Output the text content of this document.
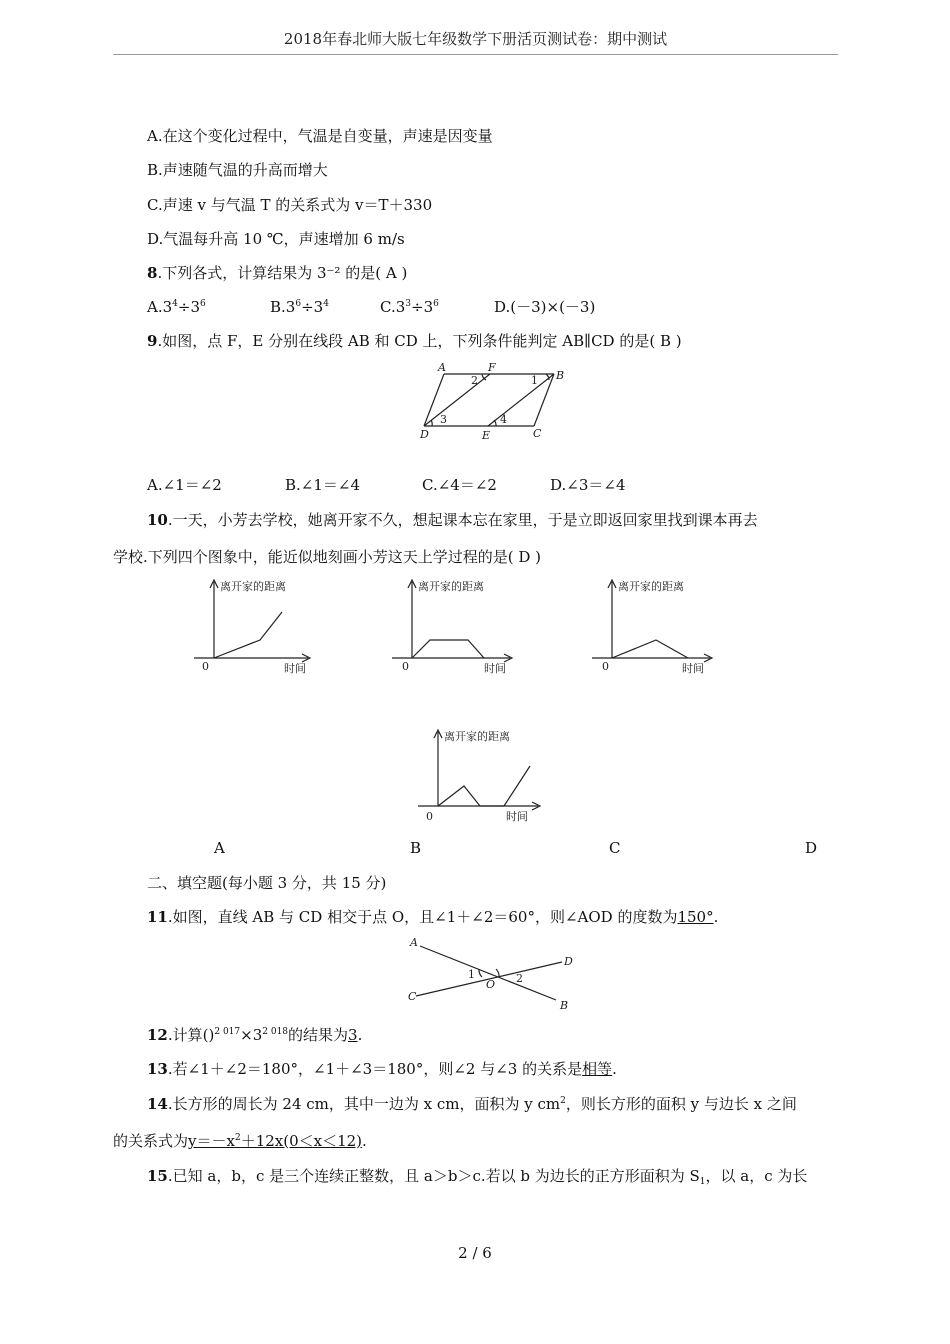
2018年春北师大版七年级数学下册活页测试卷：期中测试
A.在这个变化过程中，气温是自变量，声速是因变量
B.声速随气温的升高而增大
C.声速 v 与气温 T 的关系式为 v＝T＋330
D.气温每升高 10 ℃，声速增加 6 m/s
8.下列各式，计算结果为 3⁻² 的是( A )
$A.3^4\div 3^6$	$B.3^6\div 3^4$	$C.3^3\div 3^6$	D.(－3)×(－3)
9.如图，点 F，E 分别在线段 AB 和 CD 上，下列条件能判定 AB∥CD 的是( B )
A	F
B
D	E	C
1
2
3	4
A.∠1＝∠2	B.∠1＝∠4	C.∠4＝∠2	D.∠3＝∠4
10.一天，小芳去学校，她离开家不久，想起课本忘在家里，于是立即返回家里找到课本再去
学校.下列四个图象中，能近似地刻画小芳这天上学过程的是( D )
离开家的距离
时间
0
离开家的距离
时间
0
离开家的距离
时间
0
离开家的距离
时间
0
A	B	C	D
二、填空题(每小题 3 分，共 15 分)
11.如图，直线 AB 与 CD 相交于点 O，且∠1＋∠2＝60°，则∠AOD 的度数为150°.
A
B
C
D
O
1	2
12.计算$()^{2 017}\times 3^{2 018}$的结果为3.
13.若∠1＋∠2＝180°，∠1＋∠3＝180°，则∠2 与∠3 的关系是相等.
14.长方形的周长为 24 cm，其中一边为 x cm，面积为 y $cm^2$，则长方形的面积 y 与边长 x 之间
的关系式为$y=-x^2+12x(0<x<12)$.
15.已知 a，b，c 是三个连续正整数，且 a＞b＞c.若以 b 为边长的正方形面积为 $S_1$，以 a，c 为长
2 / 6
